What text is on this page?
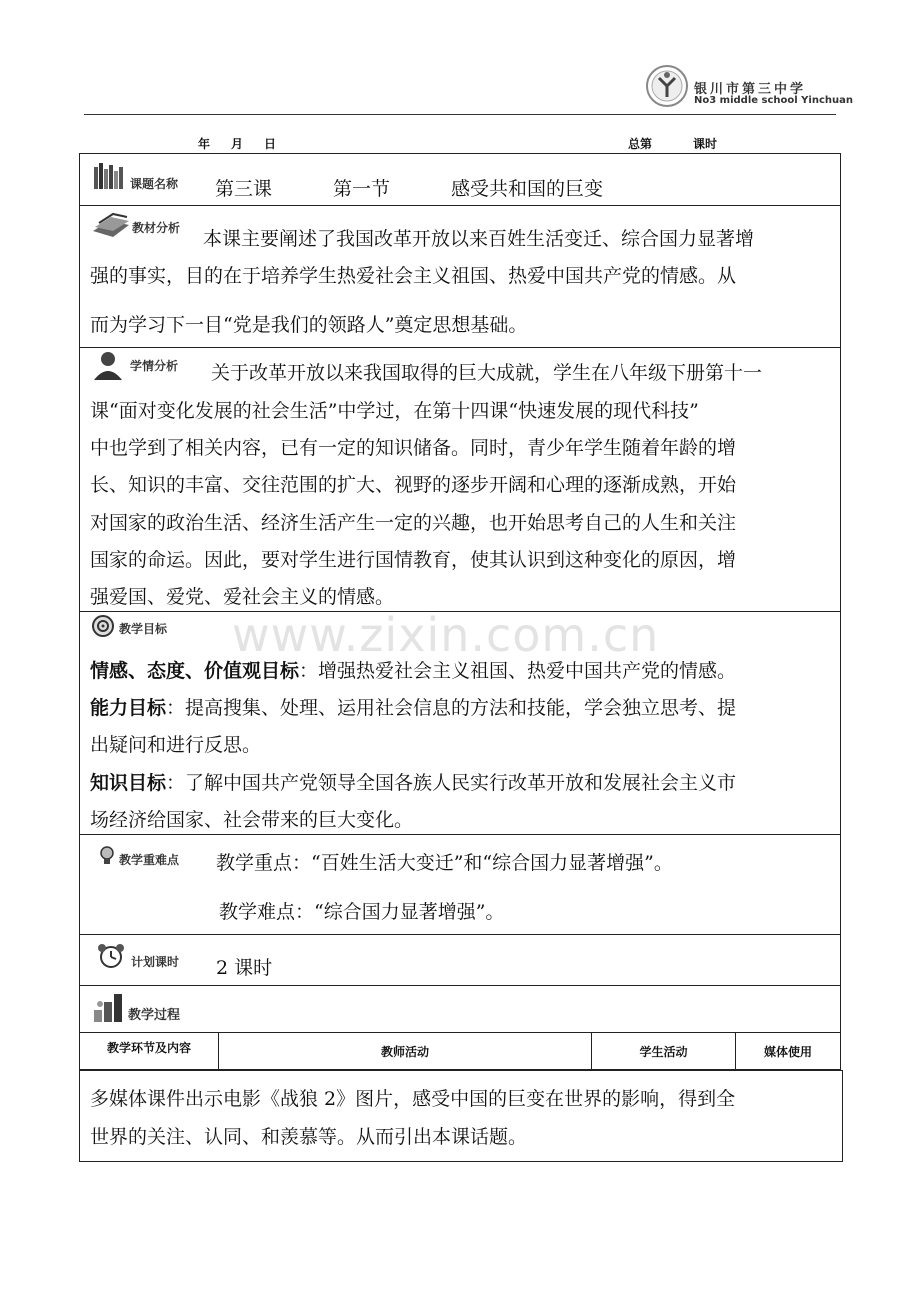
银川市第三中学
No3 middle school Yinchuan
年 月 日	总第	课时
www.zixin.com.cn
课题名称 第三课	第一节	感受共和国的巨变
教材分析 本课主要阐述了我国改革开放以来百姓生活变迁、综合国力显著增
强的事实，目的在于培养学生热爱社会主义祖国、热爱中国共产党的情感。从
而为学习下一目“党是我们的领路人”奠定思想基础。
学情分析 关于改革开放以来我国取得的巨大成就，学生在八年级下册第十一
课“面对变化发展的社会生活”中学过，在第十四课“快速发展的现代科技”
中也学到了相关内容，已有一定的知识储备。同时，青少年学生随着年龄的增
长、知识的丰富、交往范围的扩大、视野的逐步开阔和心理的逐渐成熟，开始
对国家的政治生活、经济生活产生一定的兴趣，也开始思考自己的人生和关注
国家的命运。因此，要对学生进行国情教育，使其认识到这种变化的原因，增
强爱国、爱党、爱社会主义的情感。
教学目标
情感、态度、价值观目标：增强热爱社会主义祖国、热爱中国共产党的情感。
能力目标：提高搜集、处理、运用社会信息的方法和技能，学会独立思考、提
出疑问和进行反思。
知识目标：了解中国共产党领导全国各族人民实行改革开放和发展社会主义市
场经济给国家、社会带来的巨大变化。
教学重难点 教学重点：“百姓生活大变迁”和“综合国力显著增强”。
教学难点：“综合国力显著增强”。
计划课时 2 课时
教学过程
教学环节及内容	教师活动	学生活动	媒体使用
多媒体课件出示电影《战狼 2》图片，感受中国的巨变在世界的影响，得到全
世界的关注、认同、和羡慕等。从而引出本课话题。
